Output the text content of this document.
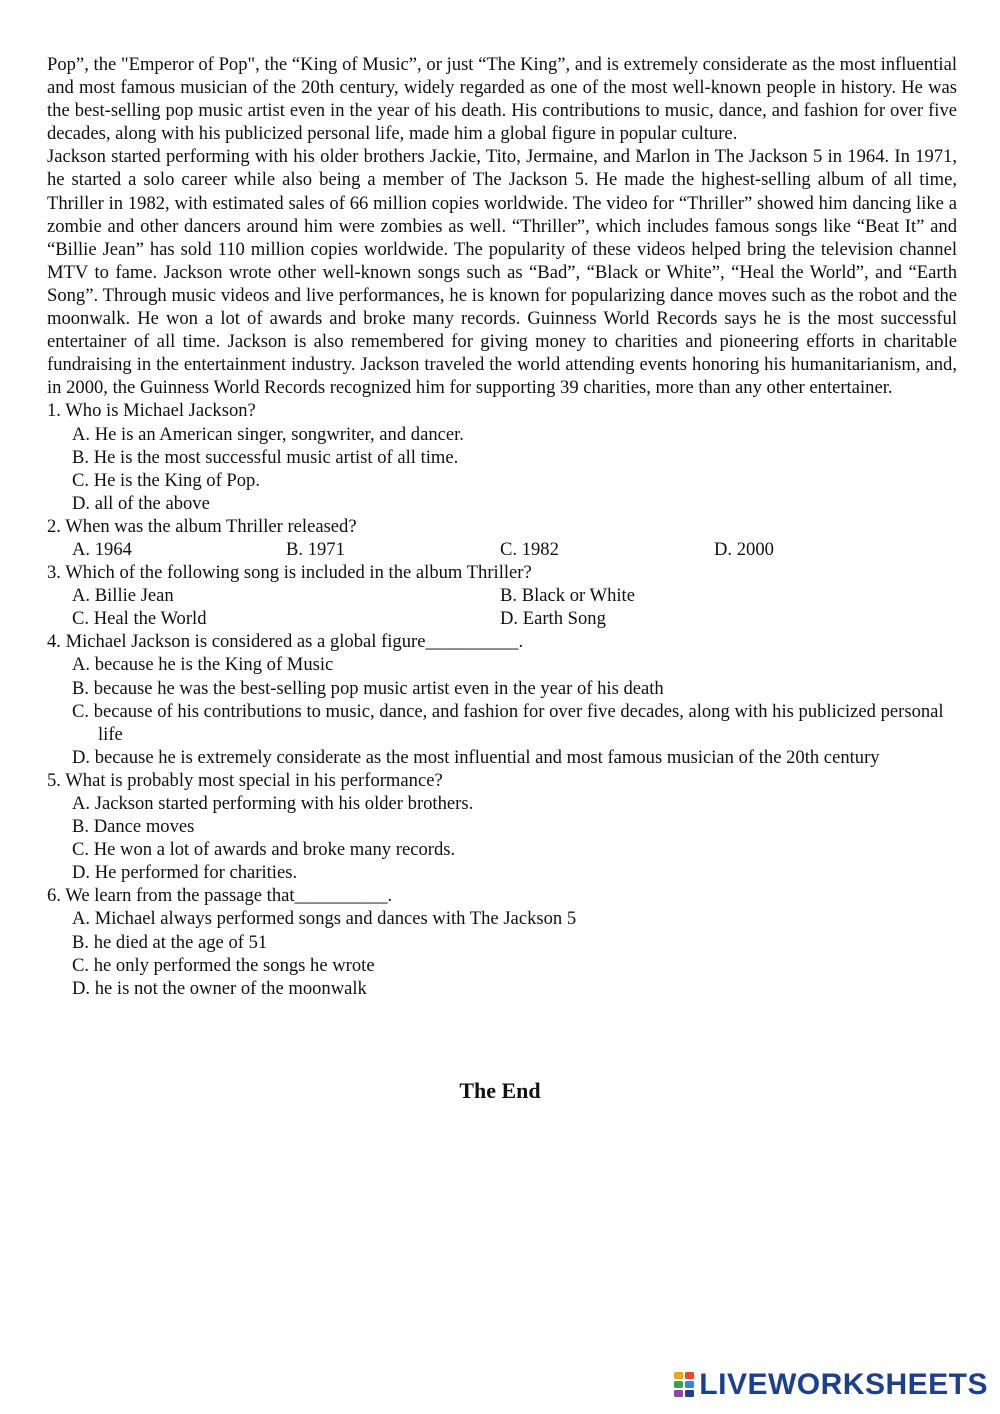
Pop”, the "Emperor of Pop", the “King of Music”, or just “The King”, and is extremely considerate as the most influential and most famous musician of the 20th century, widely regarded as one of the most well-known people in history. He was the best-selling pop music artist even in the year of his death. His contributions to music, dance, and fashion for over five decades, along with his publicized personal life, made him a global figure in popular culture.

Jackson started performing with his older brothers Jackie, Tito, Jermaine, and Marlon in The Jackson 5 in 1964. In 1971, he started a solo career while also being a member of The Jackson 5. He made the highest-selling album of all time, Thriller in 1982, with estimated sales of 66 million copies worldwide. The video for “Thriller” showed him dancing like a zombie and other dancers around him were zombies as well. “Thriller”, which includes famous songs like “Beat It” and “Billie Jean” has sold 110 million copies worldwide. The popularity of these videos helped bring the television channel MTV to fame. Jackson wrote other well-known songs such as “Bad”, “Black or White”, “Heal the World”, and “Earth Song”. Through music videos and live performances, he is known for popularizing dance moves such as the robot and the moonwalk. He won a lot of awards and broke many records. Guinness World Records says he is the most successful entertainer of all time. Jackson is also remembered for giving money to charities and pioneering efforts in charitable fundraising in the entertainment industry. Jackson traveled the world attending events honoring his humanitarianism, and, in 2000, the Guinness World Records recognized him for supporting 39 charities, more than any other entertainer.

1. Who is Michael Jackson?

A. He is an American singer, songwriter, and dancer.

B. He is the most successful music artist of all time.

C. He is the King of Pop.

D. all of the above

2. When was the album Thriller released?

A. 1964	B. 1971	C. 1982	D. 2000

3. Which of the following song is included in the album Thriller?

A. Billie Jean	B. Black or White
C. Heal the World	D. Earth Song

4. Michael Jackson is considered as a global figure__________.

A. because he is the King of Music

B. because he was the best-selling pop music artist even in the year of his death

C. because of his contributions to music, dance, and fashion for over five decades, along with his publicized personal life

D. because he is extremely considerate as the most influential and most famous musician of the 20th century

5. What is probably most special in his performance?

A. Jackson started performing with his older brothers.

B. Dance moves

C. He won a lot of awards and broke many records.

D. He performed for charities.

6. We learn from the passage that__________.

A. Michael always performed songs and dances with The Jackson 5

B. he died at the age of 51

C. he only performed the songs he wrote

D. he is not the owner of the moonwalk

The End
LIVEWORKSHEETS
